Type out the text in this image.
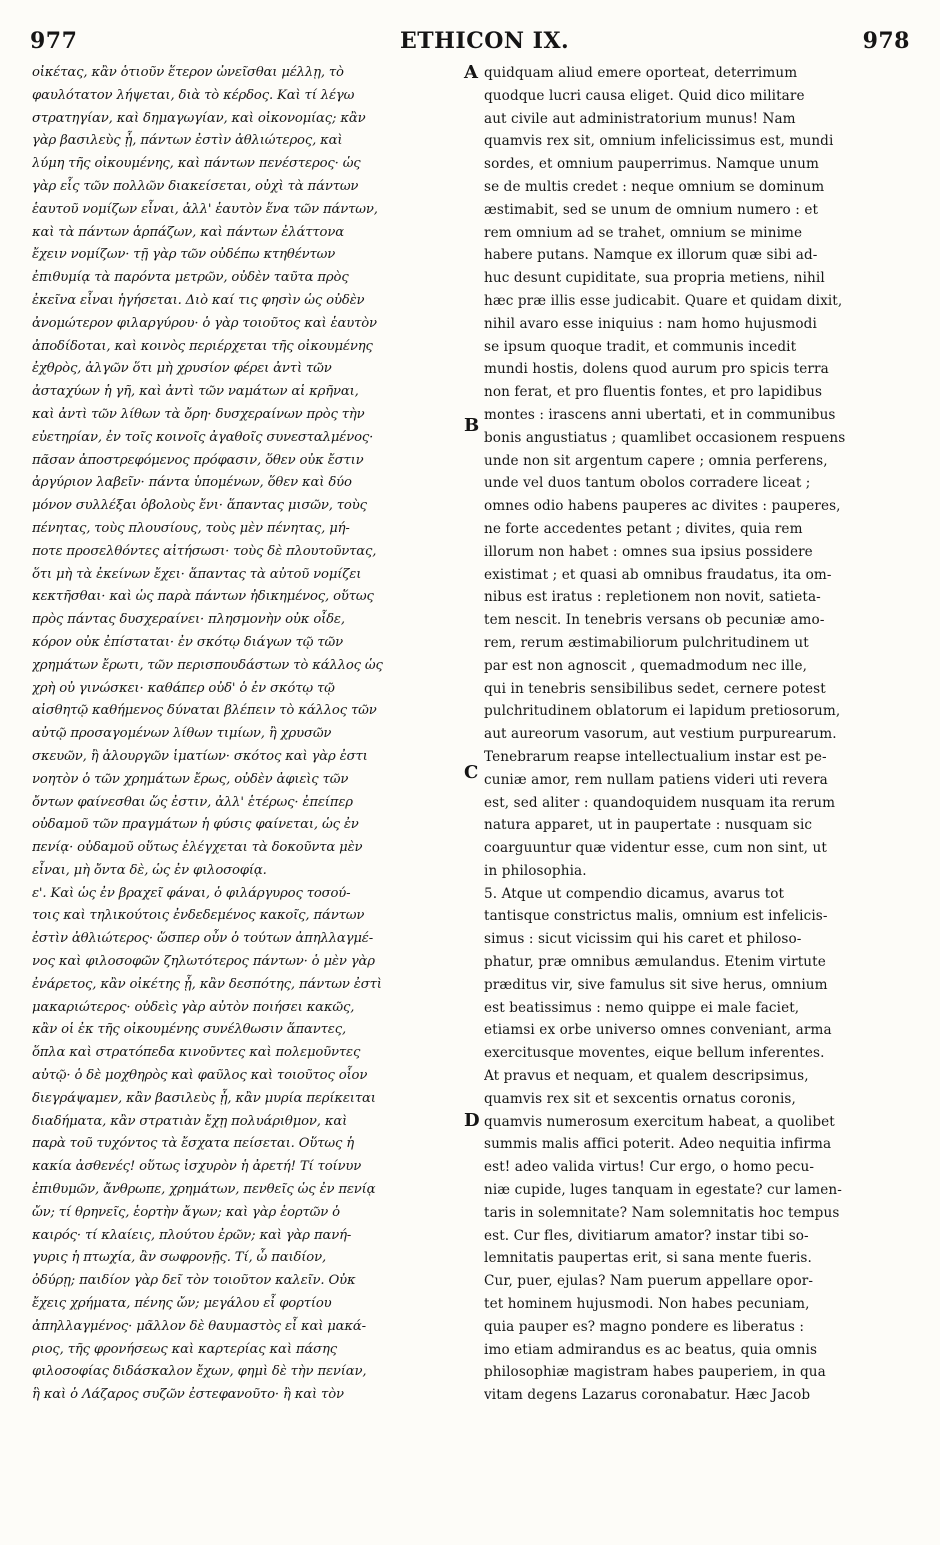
977	ETHICON IX.	978
οἰκέτας, κἂν ὁτιοῦν ἕτερον ὠνεῖσθαι μέλλῃ, τὸ
φαυλότατον λήψεται, διὰ τὸ κέρδος. Καὶ τί λέγω
στρατηγίαν, καὶ δημαγωγίαν, καὶ οἰκονομίας; κἂν
γὰρ βασιλεὺς ᾖ, πάντων ἐστὶν ἀθλιώτερος, καὶ
λύμη τῆς οἰκουμένης, καὶ πάντων πενέστερος· ὡς
γὰρ εἷς τῶν πολλῶν διακείσεται, οὐχὶ τὰ πάντων
ἑαυτοῦ νομίζων εἶναι, ἀλλ' ἑαυτὸν ἕνα τῶν πάντων,
καὶ τὰ πάντων ἁρπάζων, καὶ πάντων ἐλάττονα
ἔχειν νομίζων· τῇ γὰρ τῶν οὐδέπω κτηθέντων
ἐπιθυμίᾳ τὰ παρόντα μετρῶν, οὐδὲν ταῦτα πρὸς
ἐκεῖνα εἶναι ἡγήσεται. Διὸ καί τις φησὶν ὡς οὐδὲν
ἀνομώτερον φιλαργύρου· ὁ γὰρ τοιοῦτος καὶ ἑαυτὸν
ἀποδίδοται, καὶ κοινὸς περιέρχεται τῆς οἰκουμένης
ἐχθρὸς, ἀλγῶν ὅτι μὴ χρυσίον φέρει ἀντὶ τῶν
ἀσταχύων ἡ γῆ, καὶ ἀντὶ τῶν ναμάτων αἱ κρῆναι,
καὶ ἀντὶ τῶν λίθων τὰ ὄρη· δυσχεραίνων πρὸς τὴν
εὐετηρίαν, ἐν τοῖς κοινοῖς ἀγαθοῖς συνεσταλμένος·
πᾶσαν ἀποστρεφόμενος πρόφασιν, ὅθεν οὐκ ἔστιν
ἀργύριον λαβεῖν· πάντα ὑπομένων, ὅθεν καὶ δύο
μόνον συλλέξαι ὀβολοὺς ἔνι· ἅπαντας μισῶν, τοὺς
πένητας, τοὺς πλουσίους, τοὺς μὲν πένητας, μή-
ποτε προσελθόντες αἰτήσωσι· τοὺς δὲ πλουτοῦντας,
ὅτι μὴ τὰ ἐκείνων ἔχει· ἅπαντας τὰ αὐτοῦ νομίζει
κεκτῆσθαι· καὶ ὡς παρὰ πάντων ἠδικημένος, οὕτως
πρὸς πάντας δυσχεραίνει· πλησμονὴν οὐκ οἶδε,
κόρον οὐκ ἐπίσταται· ἐν σκότῳ διάγων τῷ τῶν
χρημάτων ἔρωτι, τῶν περισπουδάστων τὸ κάλλος ὡς
χρὴ οὐ γινώσκει· καθάπερ οὐδ' ὁ ἐν σκότῳ τῷ
αἰσθητῷ καθήμενος δύναται βλέπειν τὸ κάλλος τῶν
αὐτῷ προσαγομένων λίθων τιμίων, ἢ χρυσῶν
σκευῶν, ἢ ἁλουργῶν ἱματίων· σκότος καὶ γὰρ ἐστι
νοητὸν ὁ τῶν χρημάτων ἔρως, οὐδὲν ἀφιεὶς τῶν
ὄντων φαίνεσθαι ὥς ἐστιν, ἀλλ' ἑτέρως· ἐπείπερ
οὐδαμοῦ τῶν πραγμάτων ἡ φύσις φαίνεται, ὡς ἐν
πενίᾳ· οὐδαμοῦ οὕτως ἐλέγχεται τὰ δοκοῦντα μὲν
εἶναι, μὴ ὄντα δὲ, ὡς ἐν φιλοσοφίᾳ.
ε'. Καὶ ὡς ἐν βραχεῖ φάναι, ὁ φιλάργυρος τοσού-
τοις καὶ τηλικούτοις ἐνδεδεμένος κακοῖς, πάντων
ἐστὶν ἀθλιώτερος· ὥσπερ οὖν ὁ τούτων ἀπηλλαγμέ-
νος καὶ φιλοσοφῶν ζηλωτότερος πάντων· ὁ μὲν γὰρ
ἐνάρετος, κἂν οἰκέτης ᾖ, κἂν δεσπότης, πάντων ἐστὶ
μακαριώτερος· οὐδεὶς γὰρ αὐτὸν ποιήσει κακῶς,
κἂν οἱ ἐκ τῆς οἰκουμένης συνέλθωσιν ἅπαντες,
ὅπλα καὶ στρατόπεδα κινοῦντες καὶ πολεμοῦντες
αὐτῷ· ὁ δὲ μοχθηρὸς καὶ φαῦλος καὶ τοιοῦτος οἷον
διεγράψαμεν, κἂν βασιλεὺς ᾖ, κἂν μυρία περίκειται
διαδήματα, κἂν στρατιὰν ἔχῃ πολυάριθμον, καὶ
παρὰ τοῦ τυχόντος τὰ ἔσχατα πείσεται. Οὕτως ἡ
κακία ἀσθενές! οὕτως ἰσχυρὸν ἡ ἀρετή! Τί τοίνυν
ἐπιθυμῶν, ἄνθρωπε, χρημάτων, πενθεῖς ὡς ἐν πενίᾳ
ὤν; τί θρηνεῖς, ἑορτὴν ἄγων; καὶ γὰρ ἑορτῶν ὁ
καιρός· τί κλαίεις, πλούτου ἐρῶν; καὶ γὰρ πανή-
γυρις ἡ πτωχία, ἂν σωφρονῇς. Τί, ὦ παιδίον,
ὀδύρῃ; παιδίον γὰρ δεῖ τὸν τοιοῦτον καλεῖν. Οὐκ
ἔχεις χρήματα, πένης ὤν; μεγάλου εἶ φορτίου
ἀπηλλαγμένος· μᾶλλον δὲ θαυμαστὸς εἶ καὶ μακά-
ριος, τῆς φρονήσεως καὶ καρτερίας καὶ πάσης
φιλοσοφίας διδάσκαλον ἔχων, φημὶ δὲ τὴν πενίαν,
ἣ καὶ ὁ Λάζαρος συζῶν ἐστεφανοῦτο· ἢ καὶ τὸν
quidquam aliud emere oporteat, deterrimum
quodque lucri causa eliget. Quid dico militare
aut civile aut administratorium munus! Nam
quamvis rex sit, omnium infelicissimus est, mundi
sordes, et omnium pauperrimus. Namque unum
se de multis credet : neque omnium se dominum
æstimabit, sed se unum de omnium numero : et
rem omnium ad se trahet, omnium se minime
habere putans. Namque ex illorum quæ sibi ad-
huc desunt cupiditate, sua propria metiens, nihil
hæc præ illis esse judicabit. Quare et quidam dixit,
nihil avaro esse iniquius : nam homo hujusmodi
se ipsum quoque tradit, et communis incedit
mundi hostis, dolens quod aurum pro spicis terra
non ferat, et pro fluentis fontes, et pro lapidibus
montes : irascens anni ubertati, et in communibus
bonis angustiatus ; quamlibet occasionem respuens
unde non sit argentum capere ; omnia perferens,
unde vel duos tantum obolos corradere liceat ;
omnes odio habens pauperes ac divites : pauperes,
ne forte accedentes petant ; divites, quia rem
illorum non habet : omnes sua ipsius possidere
existimat ; et quasi ab omnibus fraudatus, ita om-
nibus est iratus : repletionem non novit, satieta-
tem nescit. In tenebris versans ob pecuniæ amo-
rem, rerum æstimabiliorum pulchritudinem ut
par est non agnoscit , quemadmodum nec ille,
qui in tenebris sensibilibus sedet, cernere potest
pulchritudinem oblatorum ei lapidum pretiosorum,
aut aureorum vasorum, aut vestium purpurearum.
Tenebrarum reapse intellectualium instar est pe-
cuniæ amor, rem nullam patiens videri uti revera
est, sed aliter : quandoquidem nusquam ita rerum
natura apparet, ut in paupertate : nusquam sic
coarguuntur quæ videntur esse, cum non sint, ut
in philosophia.
5. Atque ut compendio dicamus, avarus tot
tantisque constrictus malis, omnium est infelicis-
simus : sicut vicissim qui his caret et philoso-
phatur, præ omnibus æmulandus. Etenim virtute
præditus vir, sive famulus sit sive herus, omnium
est beatissimus : nemo quippe ei male faciet,
etiamsi ex orbe universo omnes conveniant, arma
exercitusque moventes, eique bellum inferentes.
At pravus et nequam, et qualem descripsimus,
quamvis rex sit et sexcentis ornatus coronis,
quamvis numerosum exercitum habeat, a quolibet
summis malis affici poterit. Adeo nequitia infirma
est! adeo valida virtus! Cur ergo, o homo pecu-
niæ cupide, luges tanquam in egestate? cur lamen-
taris in solemnitate? Nam solemnitatis hoc tempus
est. Cur fles, divitiarum amator? instar tibi so-
lemnitatis paupertas erit, si sana mente fueris.
Cur, puer, ejulas? Nam puerum appellare opor-
tet hominem hujusmodi. Non habes pecuniam,
quia pauper es? magno pondere es liberatus :
imo etiam admirandus es ac beatus, quia omnis
philosophiæ magistram habes pauperiem, in qua
vitam degens Lazarus coronabatur. Hæc Jacob
A
B
C
D
